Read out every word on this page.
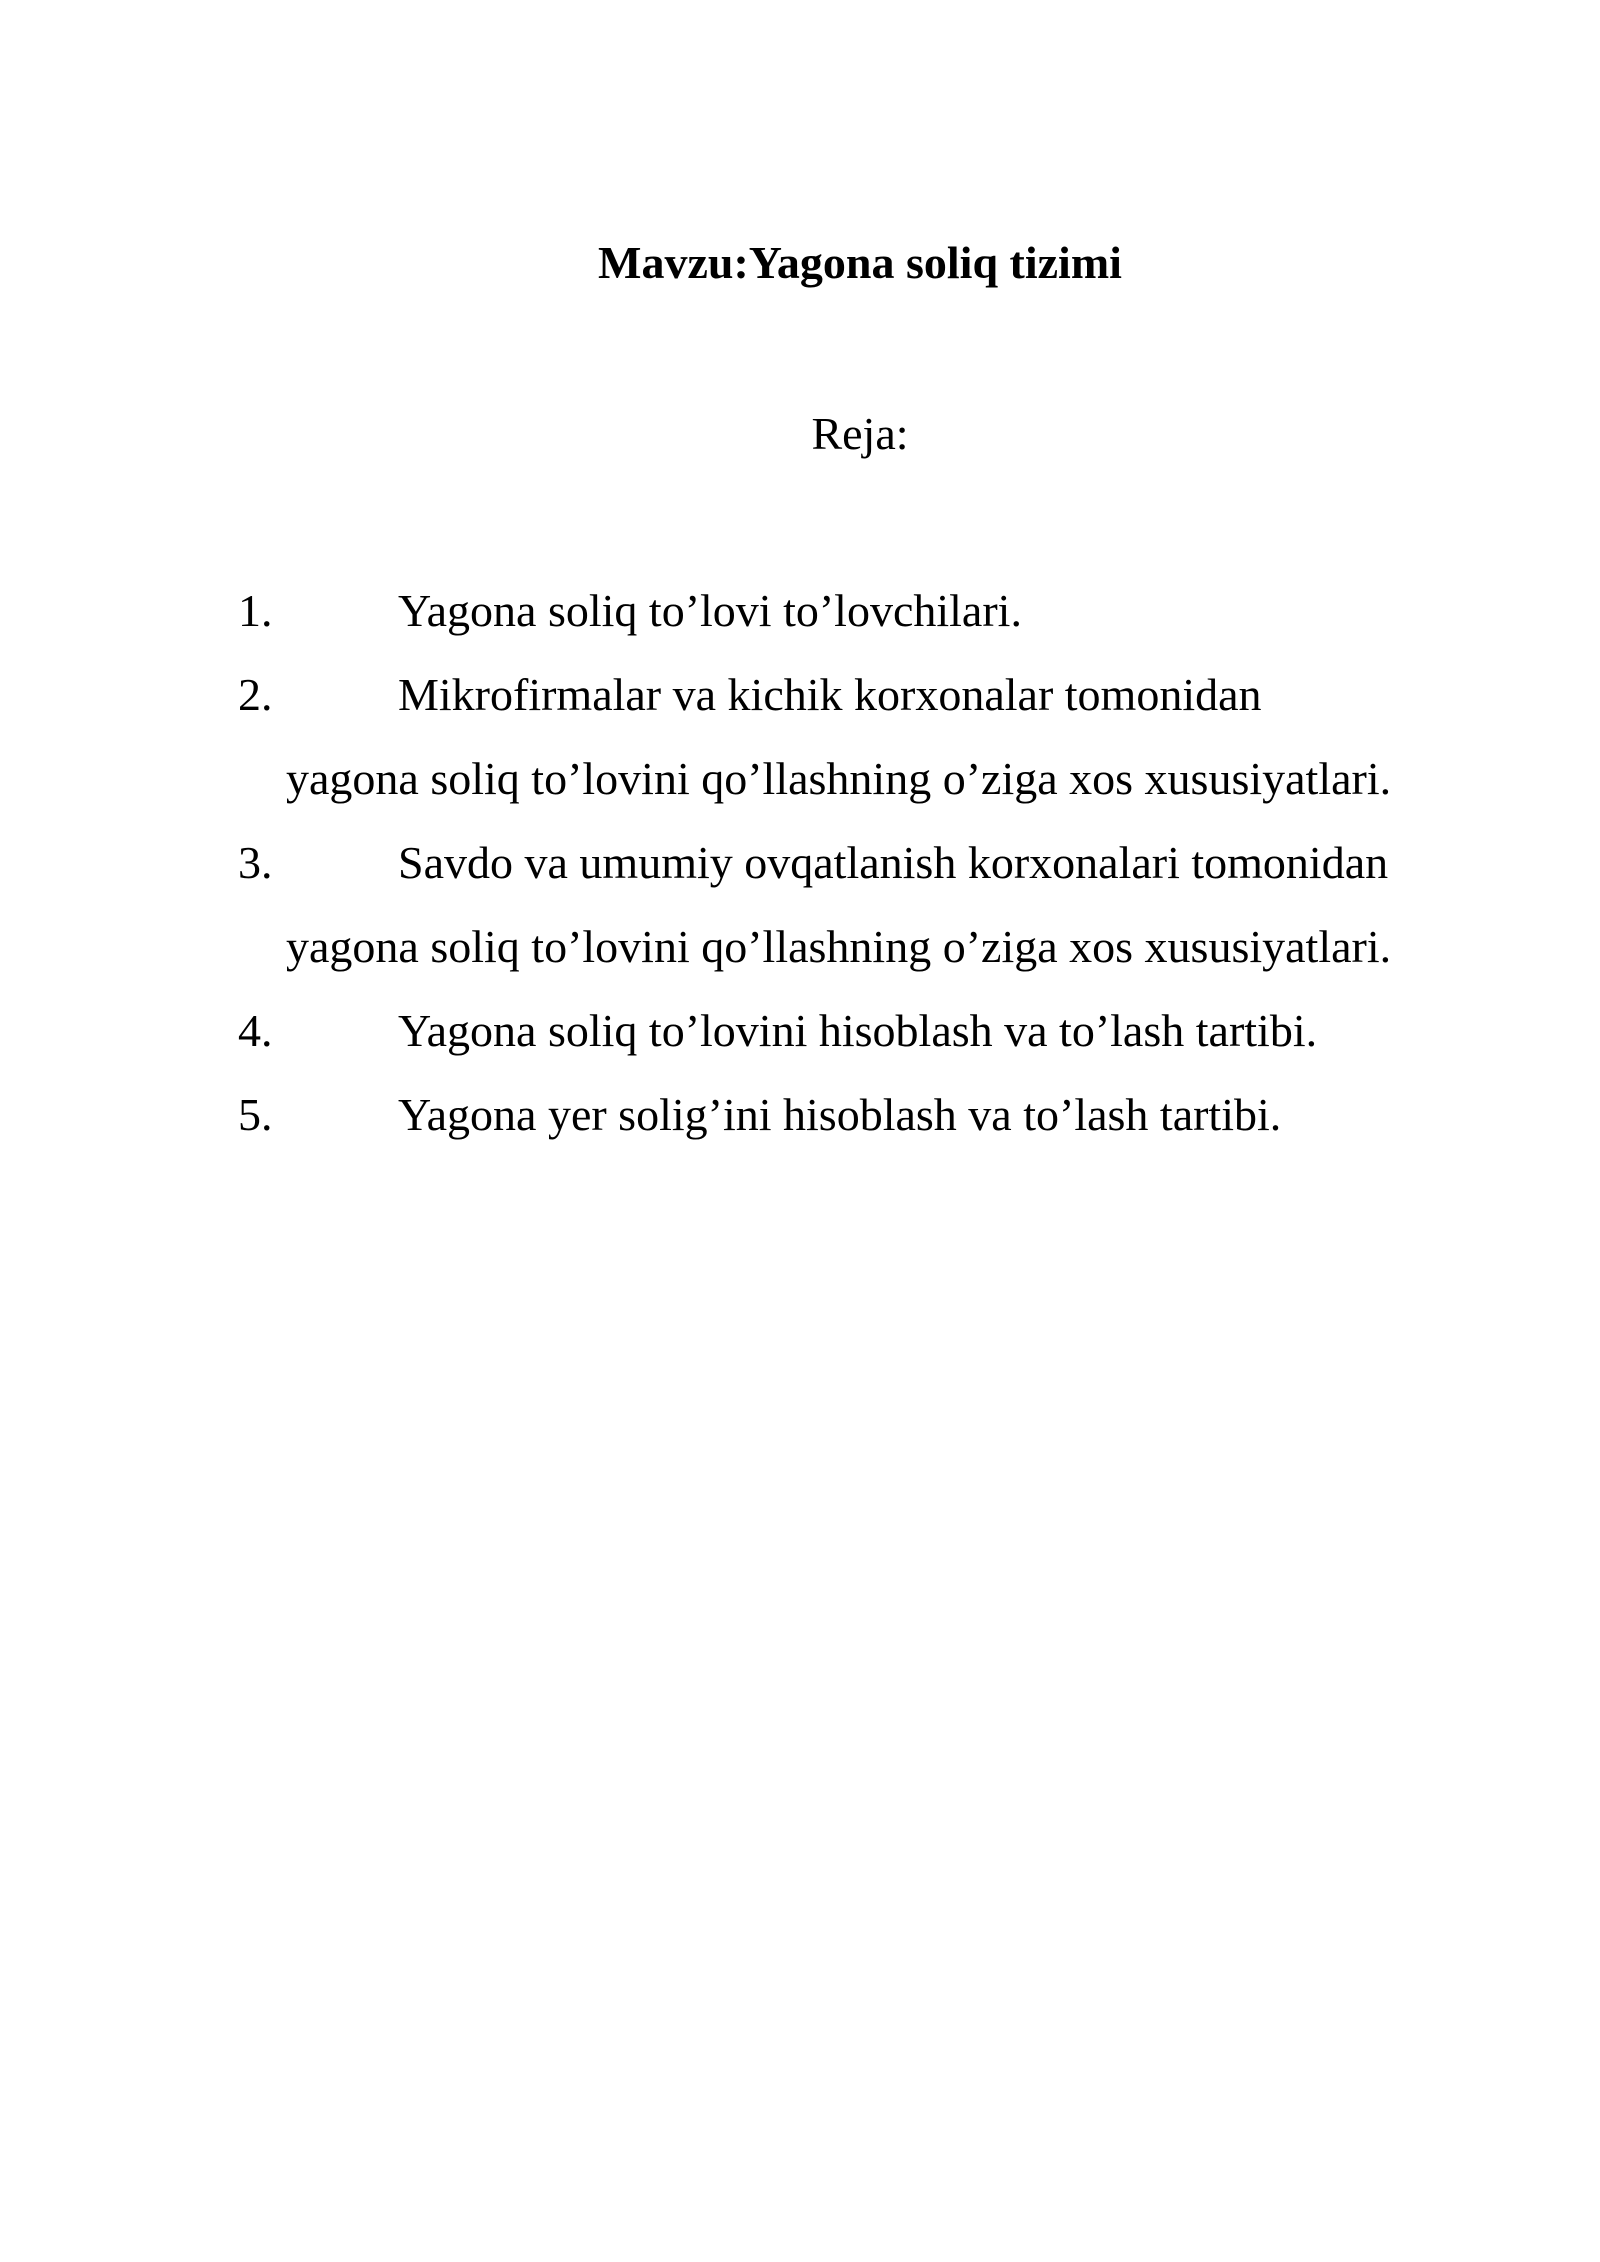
Mavzu:Yagona soliq tizimi
Reja:
1.	Yagona soliq to’lovi to’lovchilari.
2.	Mikrofirmalar va kichik korxonalar tomonidan
yagona soliq to’lovini qo’llashning o’ziga xos xususiyatlari.
3.	Savdo va umumiy ovqatlanish korxonalari tomonidan
yagona soliq to’lovini qo’llashning o’ziga xos xususiyatlari.
4.	Yagona soliq to’lovini hisoblash va to’lash tartibi.
5.	Yagona yer solig’ini hisoblash va to’lash tartibi.
